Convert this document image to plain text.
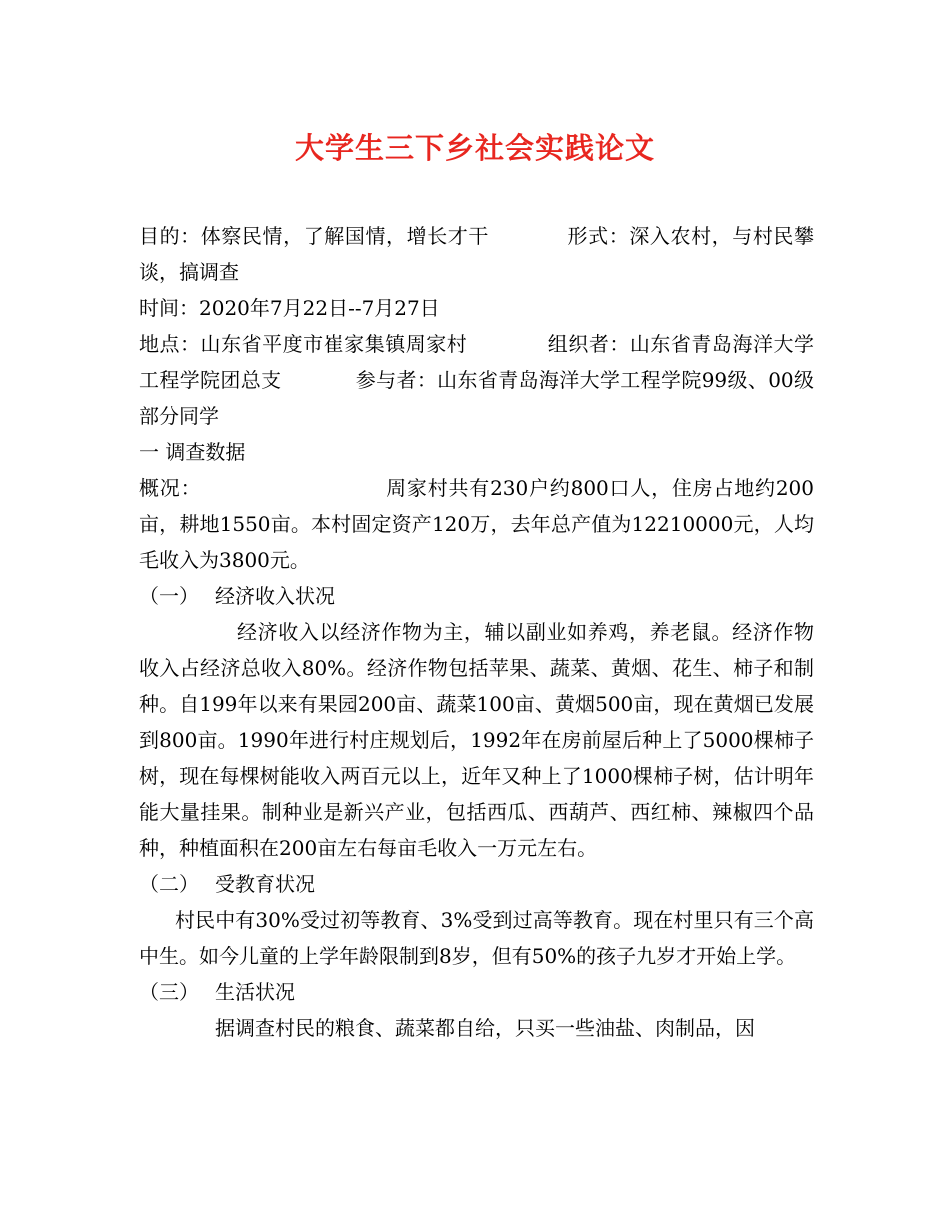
大学生三下乡社会实践论文

目的：体察民情，了解国情，增长才干	形式：深入农村，与村民攀谈，搞调查

时间：2020年7月22日--7月27日

地点：山东省平度市崔家集镇周家村	组织者：山东省青岛海洋大学工程学院团总支	参与者：山东省青岛海洋大学工程学院99级、00级部分同学

一 调查数据

概况：	周家村共有230户约800口人，住房占地约200亩，耕地1550亩。本村固定资产120万，去年总产值为12210000元，人均毛收入为3800元。

（一） 经济收入状况

经济收入以经济作物为主，辅以副业如养鸡，养老鼠。经济作物收入占经济总收入80%。经济作物包括苹果、蔬菜、黄烟、花生、柿子和制种。自199年以来有果园200亩、蔬菜100亩、黄烟500亩，现在黄烟已发展到800亩。1990年进行村庄规划后，1992年在房前屋后种上了5000棵柿子树，现在每棵树能收入两百元以上，近年又种上了1000棵柿子树，估计明年能大量挂果。制种业是新兴产业，包括西瓜、西葫芦、西红柿、辣椒四个品种，种植面积在200亩左右每亩毛收入一万元左右。

（二） 受教育状况

村民中有30%受过初等教育、3%受到过高等教育。现在村里只有三个高中生。如今儿童的上学年龄限制到8岁，但有50%的孩子九岁才开始上学。

（三） 生活状况

据调查村民的粮食、蔬菜都自给，只买一些油盐、肉制品，因
